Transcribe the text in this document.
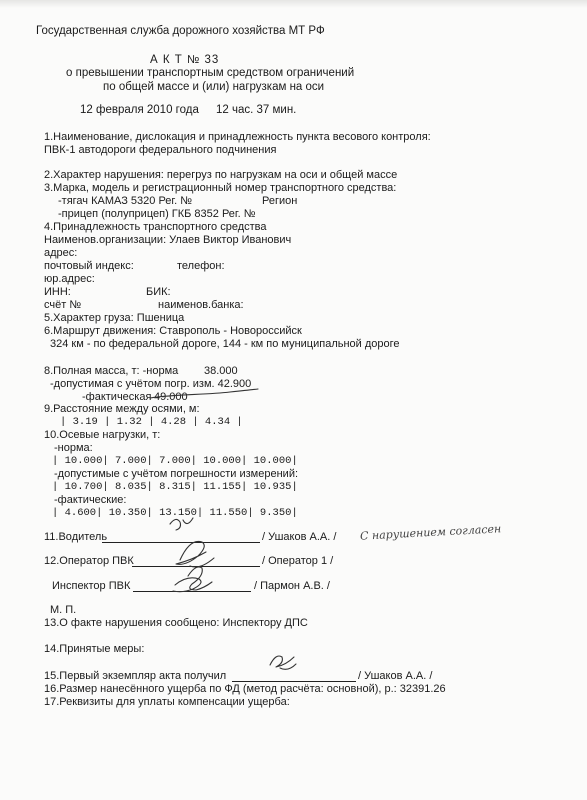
Государственная служба дорожного хозяйства МТ РФ
А К Т № 33
о превышении транспортным средством ограничений
по общей массе и (или) нагрузкам на оси
12 февраля 2010 года 12 час. 37 мин.
1.Наименование, дислокация и принадлежность пункта весового контроля:
ПВК-1 автодороги федерального подчинения
2.Характер нарушения: перегруз по нагрузкам на оси и общей массе
3.Марка, модель и регистрационный номер транспортного средства:
-тягач КАМАЗ 5320 Рег. №	Регион
-прицеп (полуприцеп) ГКБ 8352 Рег. №
4.Принадлежность транспортного средства
Наименов.организации: Улаев Виктор Иванович
адрес:
почтовый индекс:	телефон:
юр.адрес:
ИНН:	БИК:
счёт №	наименов.банка:
5.Характер груза: Пшеница
6.Маршрут движения: Ставрополь - Новороссийск
324 км - по федеральной дороге, 144 - км по муниципальной дороге
8.Полная масса, т: -норма 38.000
-допустимая с учётом погр. изм. 42.900
-фактическая 49.000
9.Расстояние между осями, м:
| 3.19 | 1.32 | 4.28 | 4.34 |
10.Осевые нагрузки, т:
-норма:
| 10.000| 7.000| 7.000| 10.000| 10.000|
-допустимые с учётом погрешности измерений:
| 10.700| 8.035| 8.315| 11.155| 10.935|
-фактические:
| 4.600| 10.350| 13.150| 11.550| 9.350|
11.Водитель	/ Ушаков А.А. / С нарушением согласен
12.Оператор ПВК	/ Оператор 1 /
Инспектор ПВК	/ Пармон А.В. /
М. П.
13.О факте нарушения сообщено: Инспектору ДПС
14.Принятые меры:
15.Первый экземпляр акта получил	/ Ушаков А.А. /
16.Размер нанесённого ущерба по ФД (метод расчёта: основной), р.: 32391.26
17.Реквизиты для уплаты компенсации ущерба:
